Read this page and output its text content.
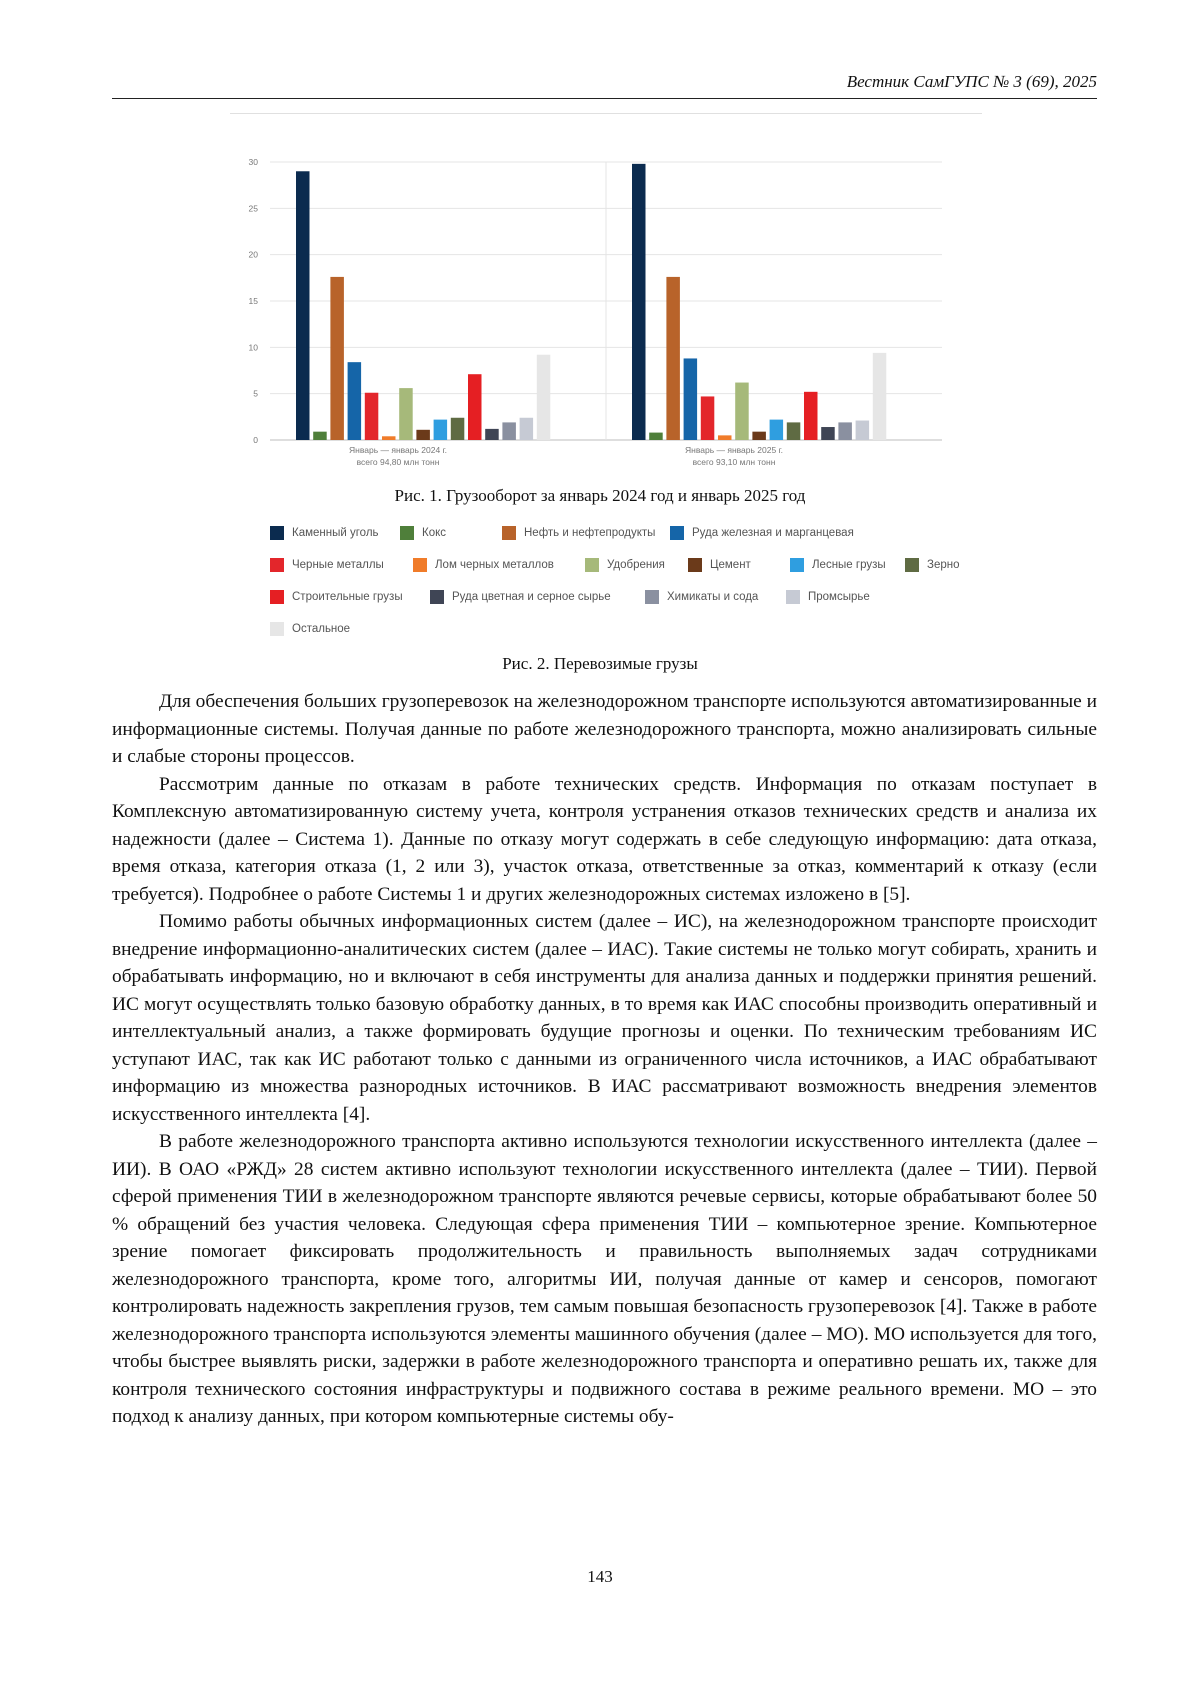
Вестник СамГУПС № 3 (69), 2025
0
5
10
15
20
25
30
Январь — январь 2024 г.
всего 94,80 млн тонн
Январь — январь 2025 г.
всего 93,10 млн тонн
Рис. 1. Грузооборот за январь 2024 год и январь 2025 год
Каменный уголь	Кокс	Нефть и нефтепродукты	Руда железная и марганцевая
Черные металлы	Лом черных металлов	Удобрения	Цемент	Лесные грузы	Зерно
Строительные грузы	Руда цветная и серное сырье	Химикаты и сода	Промсырье
Остальное
Рис. 2. Перевозимые грузы

Для обеспечения больших грузоперевозок на железнодорожном транспорте используются автоматизированные и информационные системы. Получая данные по работе железнодорожного транспорта, можно анализировать сильные и слабые стороны процессов.

Рассмотрим данные по отказам в работе технических средств. Информация по отказам поступает в Комплексную автоматизированную систему учета, контроля устранения отказов технических средств и анализа их надежности (далее – Система 1). Данные по отказу могут содержать в себе следующую информацию: дата отказа, время отказа, категория отказа (1, 2 или 3), участок отказа, ответственные за отказ, комментарий к отказу (если требуется). Подробнее о работе Системы 1 и других железнодорожных системах изложено в [5].

Помимо работы обычных информационных систем (далее – ИС), на железнодорожном транспорте происходит внедрение информационно-аналитических систем (далее – ИАС). Такие системы не только могут собирать, хранить и обрабатывать информацию, но и включают в себя инструменты для анализа данных и поддержки принятия решений. ИС могут осуществлять только базовую обработку данных, в то время как ИАС способны производить оперативный и интеллектуальный анализ, а также формировать будущие прогнозы и оценки. По техническим требованиям ИС уступают ИАС, так как ИС работают только с данными из ограниченного числа источников, а ИАС обрабатывают информацию из множества разнородных источников. В ИАС рассматривают возможность внедрения элементов искусственного интеллекта [4].

В работе железнодорожного транспорта активно используются технологии искусственного интеллекта (далее – ИИ). В ОАО «РЖД» 28 систем активно используют технологии искусственного интеллекта (далее – ТИИ). Первой сферой применения ТИИ в железнодорожном транспорте являются речевые сервисы, которые обрабатывают более 50 % обращений без участия человека. Следующая сфера применения ТИИ – компьютерное зрение. Компьютерное зрение помогает фиксировать продолжительность и правильность выполняемых задач сотрудниками железнодорожного транспорта, кроме того, алгоритмы ИИ, получая данные от камер и сенсоров, помогают контролировать надежность закрепления грузов, тем самым повышая безопасность грузоперевозок [4]. Также в работе железнодорожного транспорта используются элементы машинного обучения (далее – МО). МО используется для того, чтобы быстрее выявлять риски, задержки в работе железнодорожного транспорта и оперативно решать их, также для контроля технического состояния инфраструктуры и подвижного состава в режиме реального времени. МО – это подход к анализу данных, при котором компьютерные системы обу-

143
